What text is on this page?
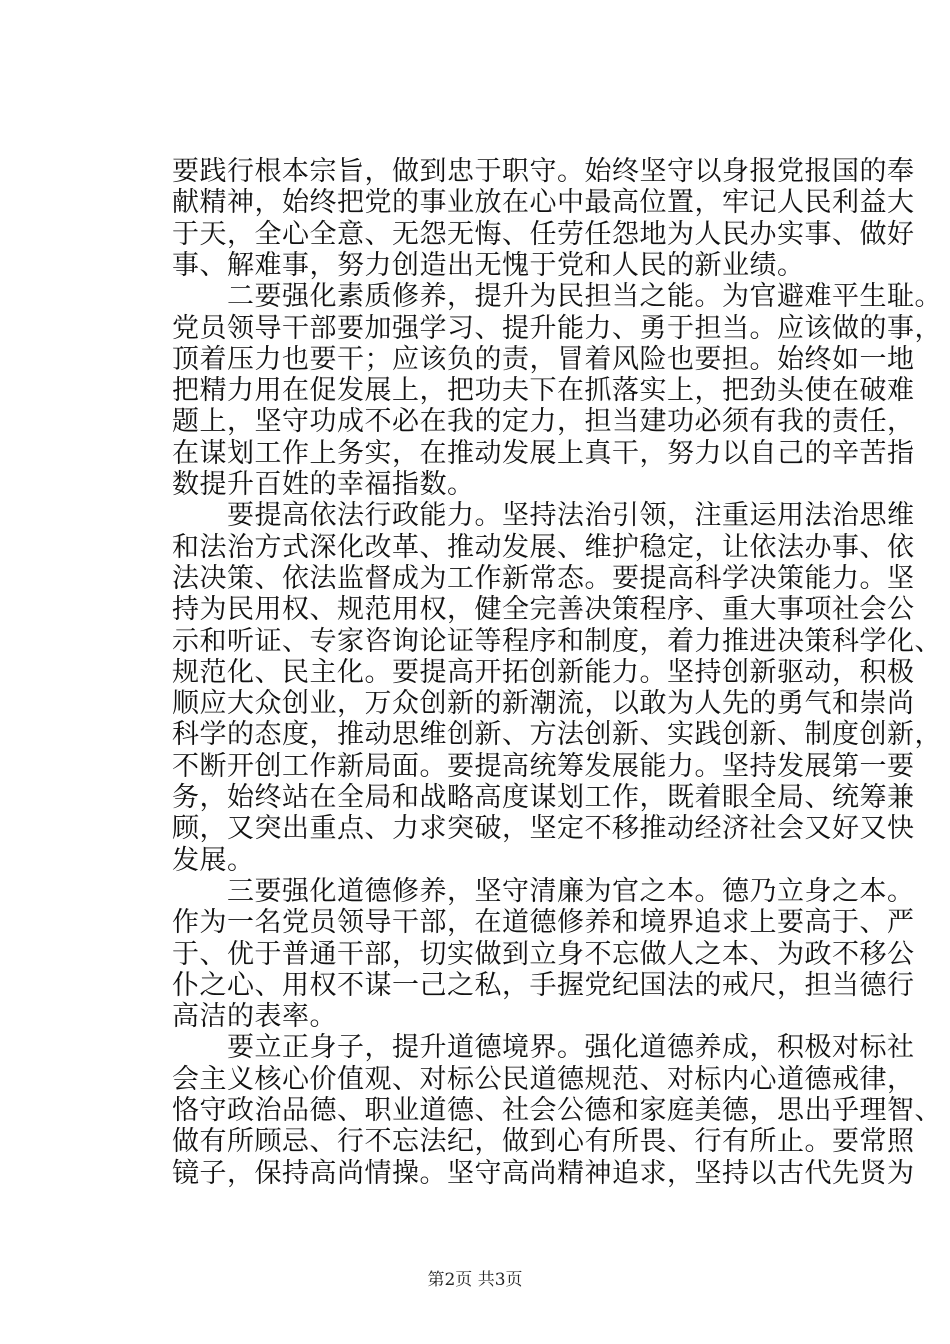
要践行根本宗旨，做到忠于职守。始终坚守以身报党报国的奉
献精神，始终把党的事业放在心中最高位置，牢记人民利益大
于天，全心全意、无怨无悔、任劳任怨地为人民办实事、做好
事、解难事，努力创造出无愧于党和人民的新业绩。
　　二要强化素质修养，提升为民担当之能。为官避难平生耻。
党员领导干部要加强学习、提升能力、勇于担当。应该做的事，
顶着压力也要干；应该负的责，冒着风险也要担。始终如一地
把精力用在促发展上，把功夫下在抓落实上，把劲头使在破难
题上，坚守功成不必在我的定力，担当建功必须有我的责任，
在谋划工作上务实，在推动发展上真干，努力以自己的辛苦指
数提升百姓的幸福指数。
　　要提高依法行政能力。坚持法治引领，注重运用法治思维
和法治方式深化改革、推动发展、维护稳定，让依法办事、依
法决策、依法监督成为工作新常态。要提高科学决策能力。坚
持为民用权、规范用权，健全完善决策程序、重大事项社会公
示和听证、专家咨询论证等程序和制度，着力推进决策科学化、
规范化、民主化。要提高开拓创新能力。坚持创新驱动，积极
顺应大众创业，万众创新的新潮流，以敢为人先的勇气和崇尚
科学的态度，推动思维创新、方法创新、实践创新、制度创新，
不断开创工作新局面。要提高统筹发展能力。坚持发展第一要
务，始终站在全局和战略高度谋划工作，既着眼全局、统筹兼
顾，又突出重点、力求突破，坚定不移推动经济社会又好又快
发展。
　　三要强化道德修养，坚守清廉为官之本。德乃立身之本。
作为一名党员领导干部，在道德修养和境界追求上要高于、严
于、优于普通干部，切实做到立身不忘做人之本、为政不移公
仆之心、用权不谋一己之私，手握党纪国法的戒尺，担当德行
高洁的表率。
　　要立正身子，提升道德境界。强化道德养成，积极对标社
会主义核心价值观、对标公民道德规范、对标内心道德戒律，
恪守政治品德、职业道德、社会公德和家庭美德，思出乎理智、
做有所顾忌、行不忘法纪，做到心有所畏、行有所止。要常照
镜子，保持高尚情操。坚守高尚精神追求，坚持以古代先贤为
第2页 共3页
